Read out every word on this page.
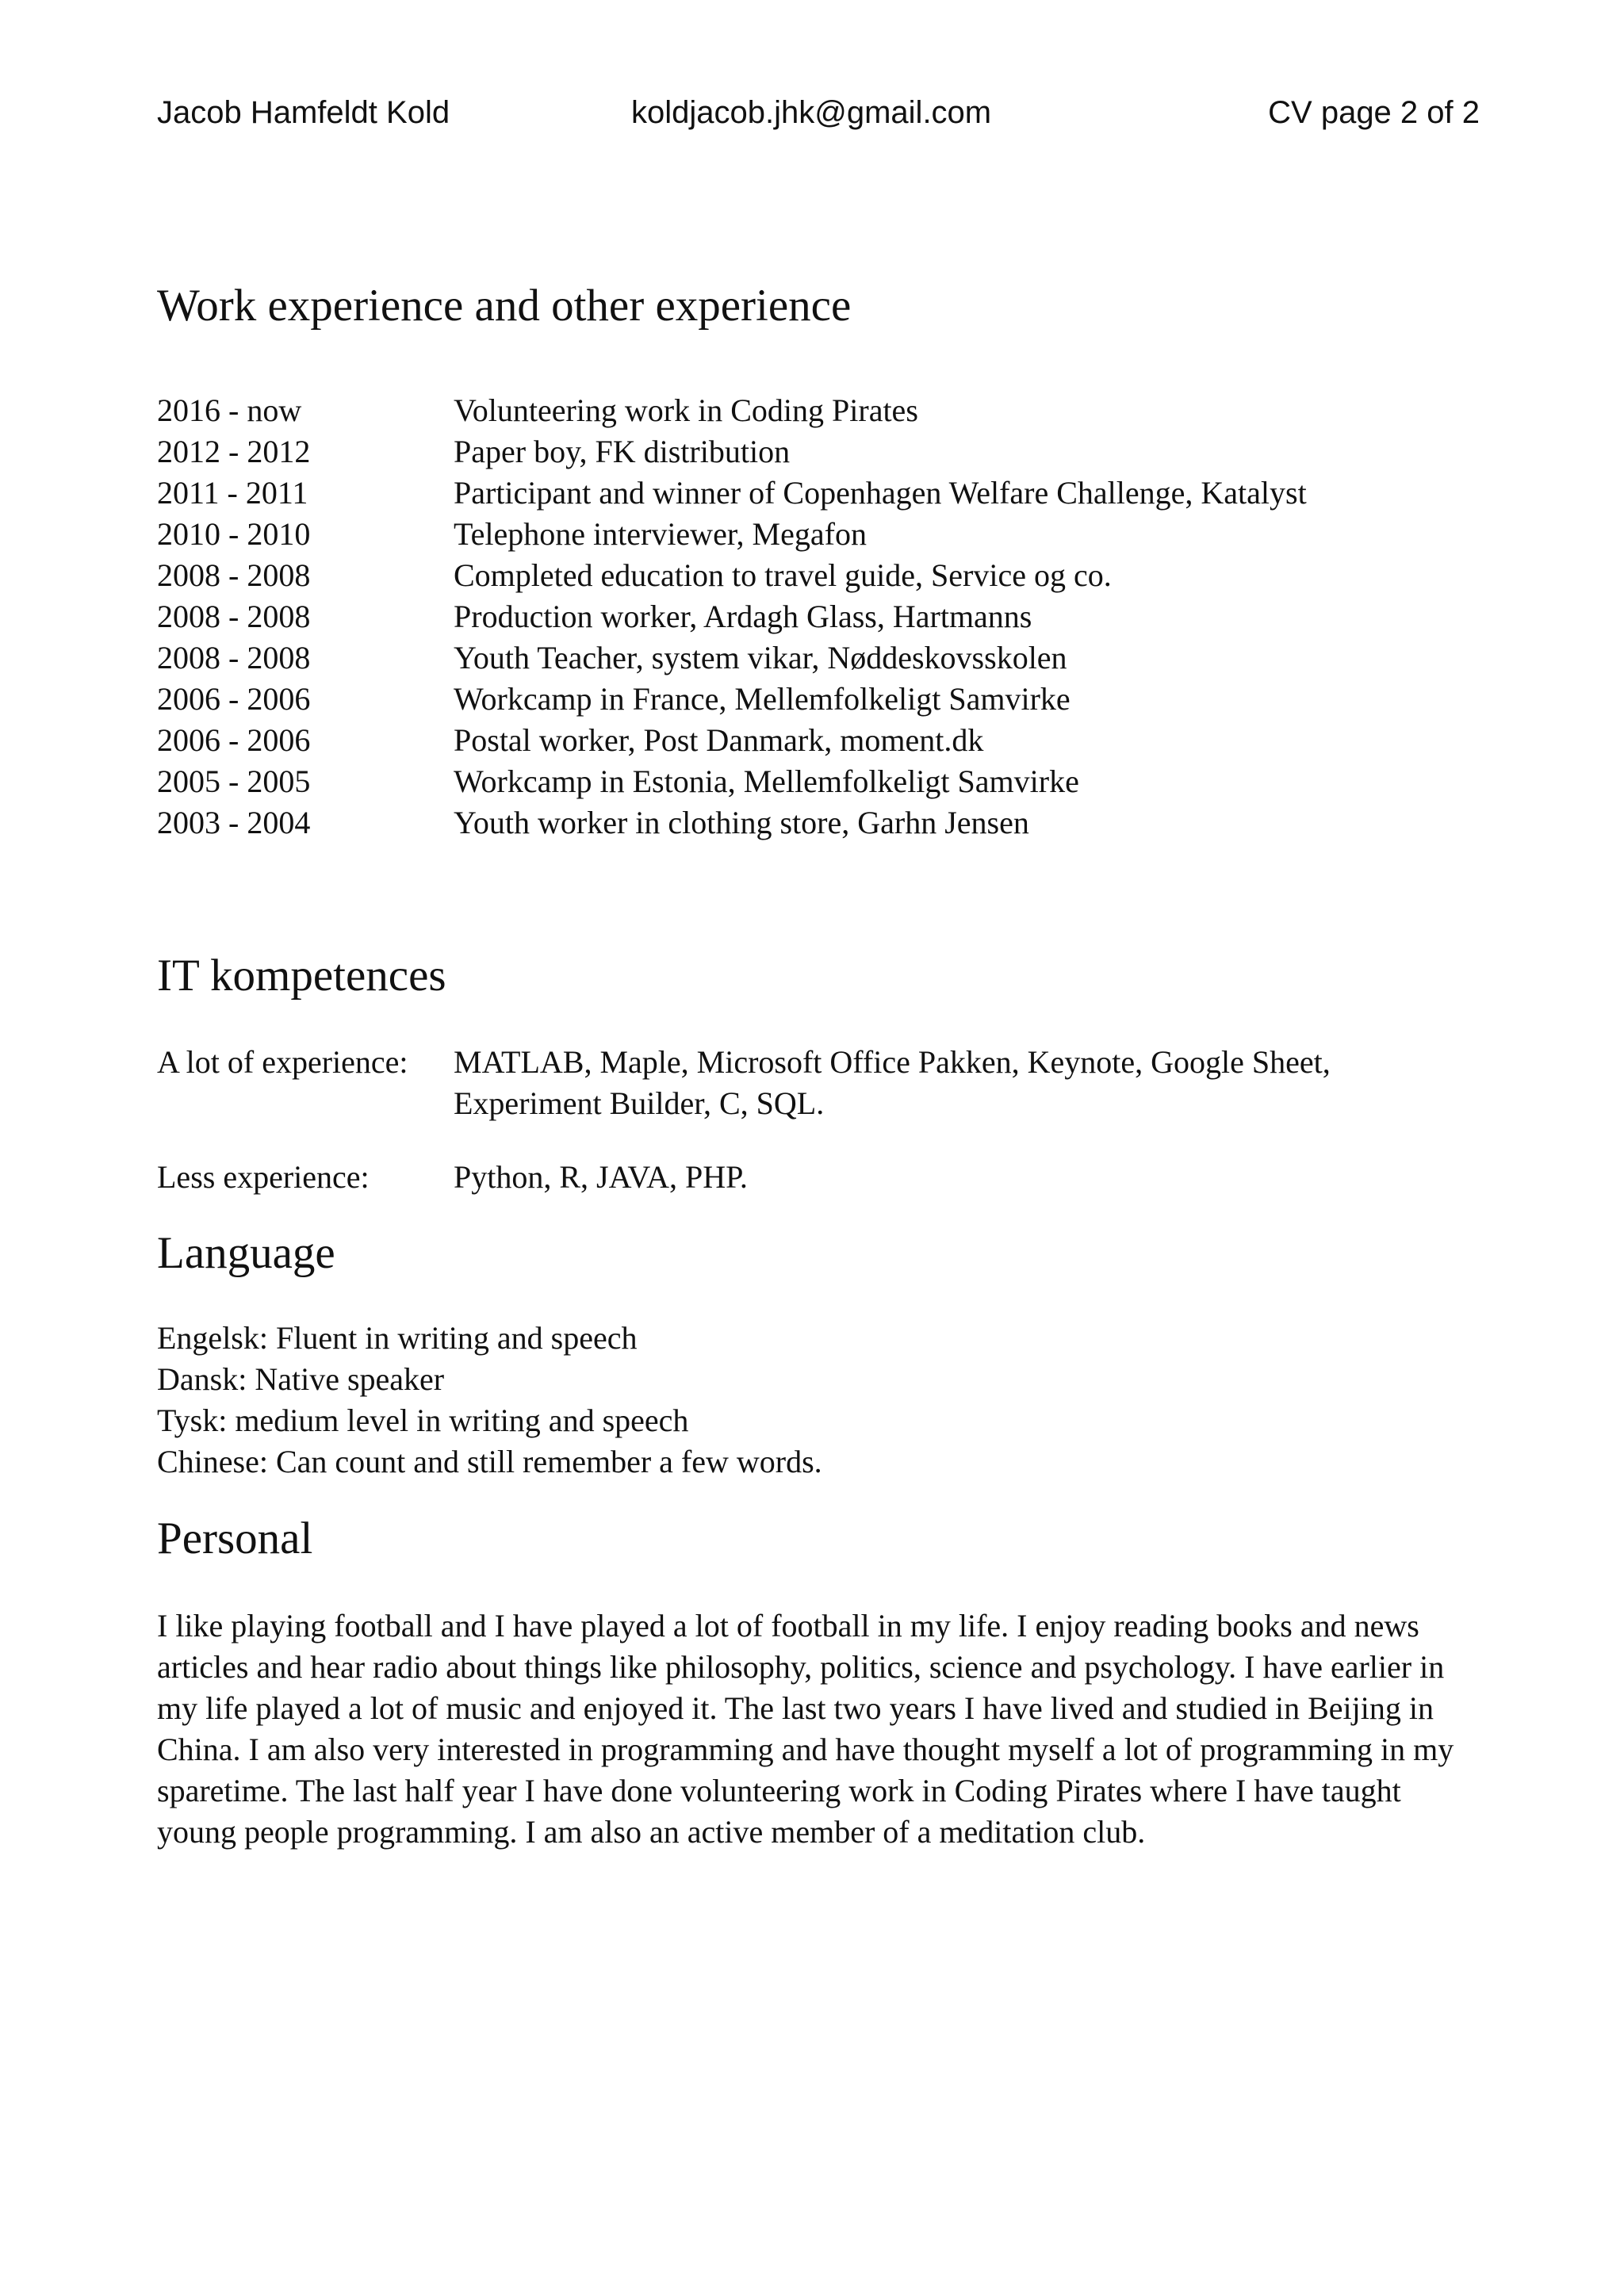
Jacob Hamfeldt Kold	koldjacob.jhk@gmail.com	CV page 2 of 2
Work experience and other experience
2016 - now	Volunteering work in Coding Pirates
2012 - 2012	Paper boy, FK distribution
2011 - 2011	Participant and winner of Copenhagen Welfare Challenge, Katalyst
2010 - 2010	Telephone interviewer, Megafon
2008 - 2008	Completed education to travel guide, Service og co.
2008 - 2008	Production worker, Ardagh Glass, Hartmanns
2008 - 2008	Youth Teacher, system vikar, Nøddeskovsskolen
2006 - 2006	Workcamp in France, Mellemfolkeligt Samvirke
2006 - 2006	Postal worker, Post Danmark, moment.dk
2005 - 2005	Workcamp in Estonia, Mellemfolkeligt Samvirke
2003 - 2004	Youth worker in clothing store, Garhn Jensen
IT kompetences
A lot of experience: MATLAB, Maple, Microsoft Office Pakken, Keynote, Google Sheet,
Experiment Builder, C, SQL.
Less experience:	Python, R, JAVA, PHP.
Language
Engelsk: Fluent in writing and speech
Dansk: Native speaker
Tysk: medium level in writing and speech
Chinese: Can count and still remember a few words.
Personal

I like playing football and I have played a lot of football in my life. I enjoy reading books and news articles and hear radio about things like philosophy, politics, science and psychology. I have earlier in my life played a lot of music and enjoyed it. The last two years I have lived and studied in Beijing in China. I am also very interested in programming and have thought myself a lot of programming in my sparetime. The last half year I have done volunteering work in Coding Pirates where I have taught young people programming. I am also an active member of a meditation club.
